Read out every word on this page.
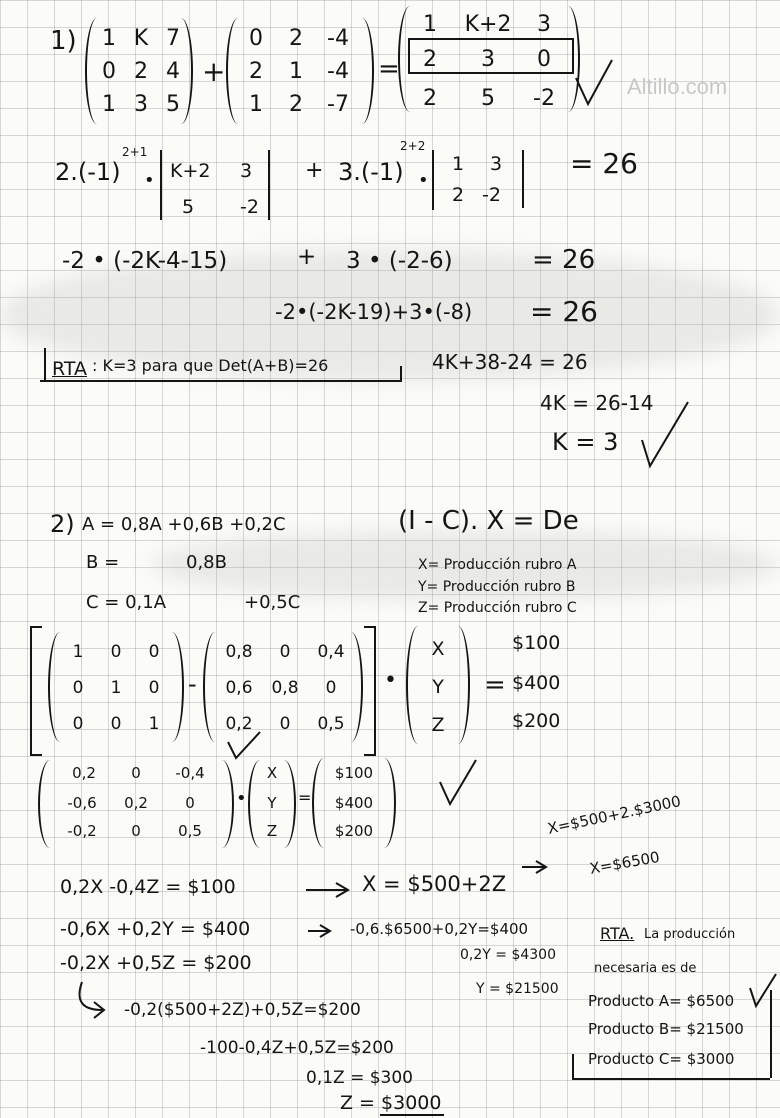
Altillo.com
1) 1 K 7
0 2 4
1 3 5
+
0 2 -4
2 1 -4
1 2 -7
=
1 K+2 3
2 3 0
2 5 -2
2.(-1)
2+1
• K+2 3
5 -2
+ 3.(-1)
2+2
•
1 3
2 -2
= 26
-2 • (-2K-4-15)	+ 3 • (-2-6)	= 26
-2•(-2K-19)+3•(-8) = 26
RTA : K=3 para que Det(A+B)=26	4K+38-24 = 26
4K = 26-14
K = 3
2) A = 0,8A +0,6B +0,2C
B =	0,8B
C = 0,1A	+0,5C
(I - C). X = De
X= Producción rubro A
Y= Producción rubro B
Z= Producción rubro C
1 0 0
0 1 0
0 0 1
-
0,8 0 0,4
0,6 0,8 0
0,2 0 0,5
•
X
Y
Z
=
$100
$400
$200
0,2 0 -0,4
-0,6 0,2 0
-0,2 0 0,5
•
X
Y
Z
=
$100
$400
$200
0,2X -0,4Z = $100
-0,6X +0,2Y = $400
-0,2X +0,5Z = $200
X = $500+2Z
X=$500+2.$3000
X=$6500
-0,6.$6500+0,2Y=$400
0,2Y = $4300
Y = $21500
-0,2($500+2Z)+0,5Z=$200
-100-0,4Z+0,5Z=$200
0,1Z = $300
Z = $3000
RTA. La producción
necesaria es de
Producto A= $6500
Producto B= $21500
Producto C= $3000
